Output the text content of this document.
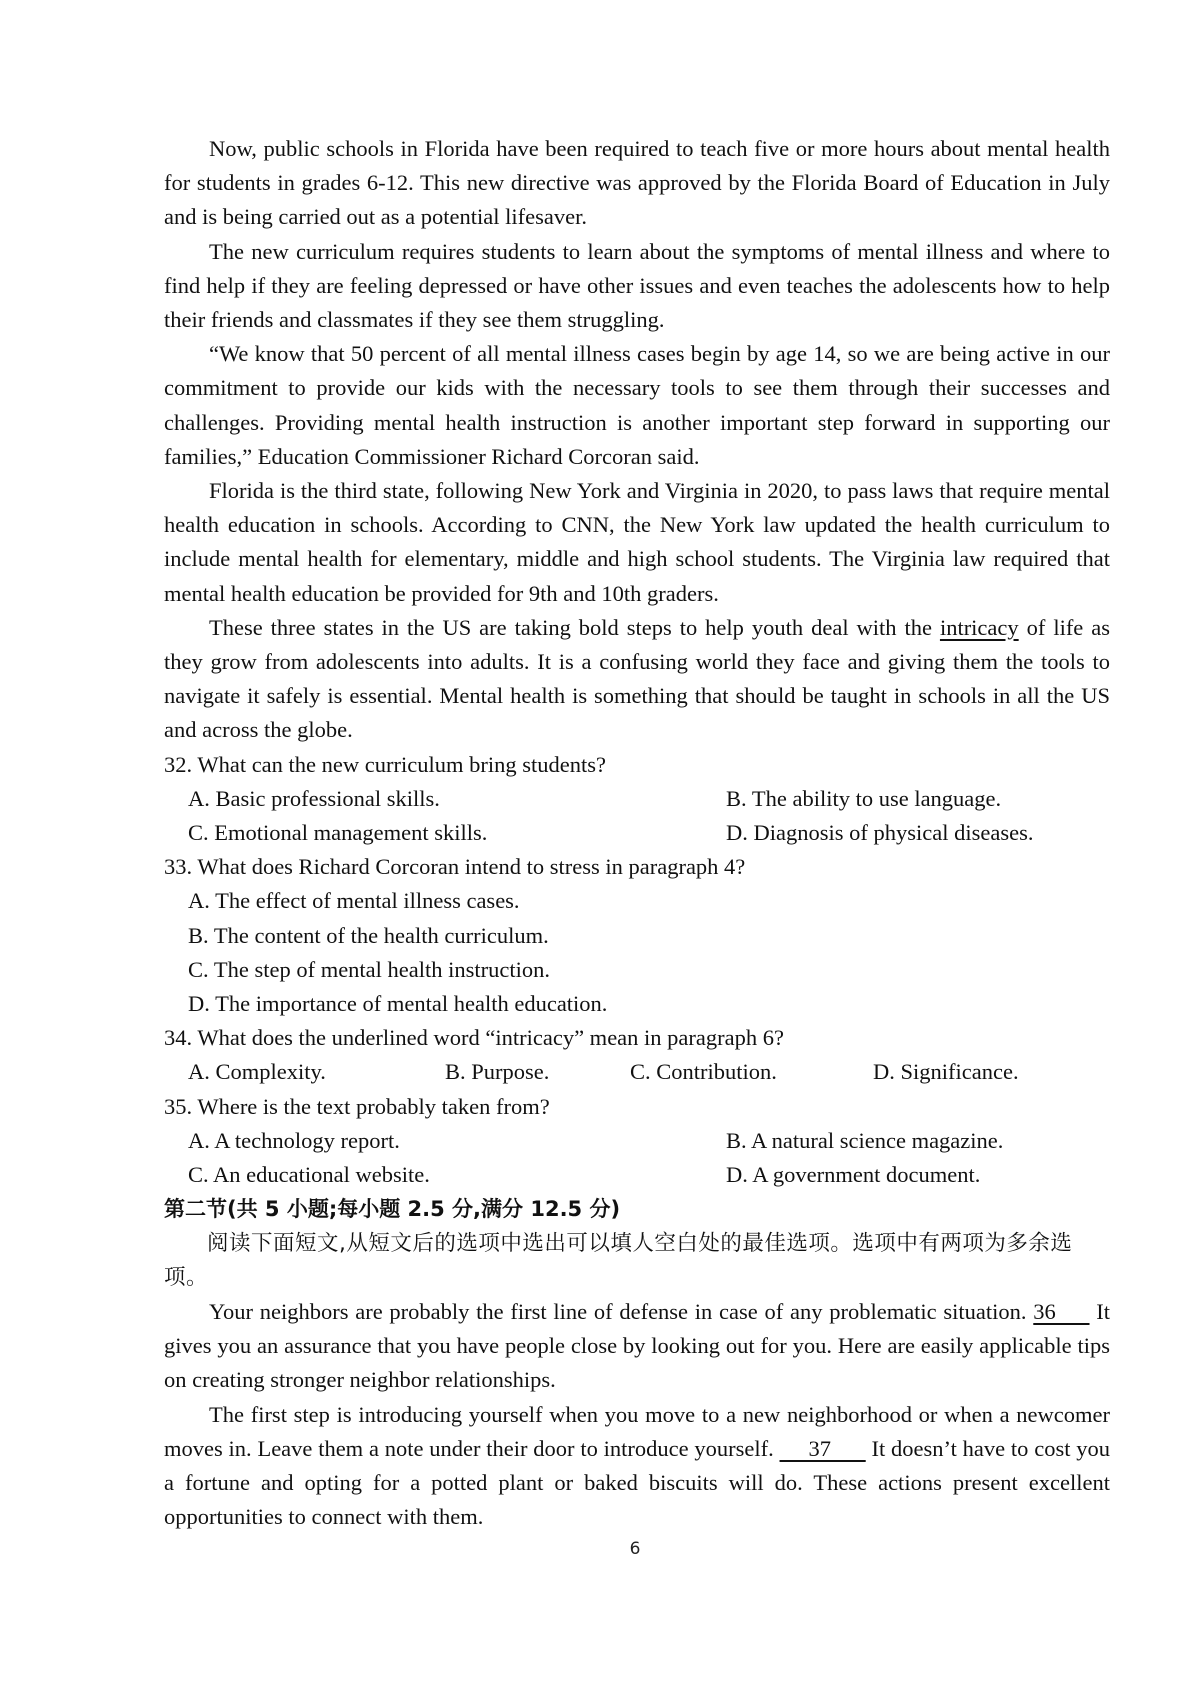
Now, public schools in Florida have been required to teach five or more hours about mental health for students in grades 6-12. This new directive was approved by the Florida Board of Education in July and is being carried out as a potential lifesaver.

The new curriculum requires students to learn about the symptoms of mental illness and where to find help if they are feeling depressed or have other issues and even teaches the adolescents how to help their friends and classmates if they see them struggling.

“We know that 50 percent of all mental illness cases begin by age 14, so we are being active in our commitment to provide our kids with the necessary tools to see them through their successes and challenges. Providing mental health instruction is another important step forward in supporting our families,” Education Commissioner Richard Corcoran said.

Florida is the third state, following New York and Virginia in 2020, to pass laws that require mental health education in schools. According to CNN, the New York law updated the health curriculum to include mental health for elementary, middle and high school students. The Virginia law required that mental health education be provided for 9th and 10th graders.

These three states in the US are taking bold steps to help youth deal with the intricacy of life as they grow from adolescents into adults. It is a confusing world they face and giving them the tools to navigate it safely is essential. Mental health is something that should be taught in schools in all the US and across the globe.

32. What can the new curriculum bring students?

A. Basic professional skills.	B. The ability to use language.
C. Emotional management skills.	D. Diagnosis of physical diseases.

33. What does Richard Corcoran intend to stress in paragraph 4?

A. The effect of mental illness cases.
B. The content of the health curriculum.
C. The step of mental health instruction.
D. The importance of mental health education.

34. What does the underlined word “intricacy” mean in paragraph 6?

A. Complexity.	B. Purpose.	C. Contribution.	D. Significance.

35. Where is the text probably taken from?

A. A technology report.	B. A natural science magazine.
C. An educational website.	D. A government document.

第二节(共 5 小题;每小题 2.5 分,满分 12.5 分)

阅读下面短文,从短文后的选项中选出可以填人空白处的最佳选项。选项中有两项为多余选项。

Your neighbors are probably the first line of defense in case of any problematic situation. 36      It gives you an assurance that you have people close by looking out for you. Here are easily applicable tips on creating stronger neighbor relationships.

The first step is introducing yourself when you move to a new neighborhood or when a newcomer moves in. Leave them a note under their door to introduce yourself.      37       It doesn’t have to cost you a fortune and opting for a potted plant or baked biscuits will do. These actions present excellent opportunities to connect with them.

6
